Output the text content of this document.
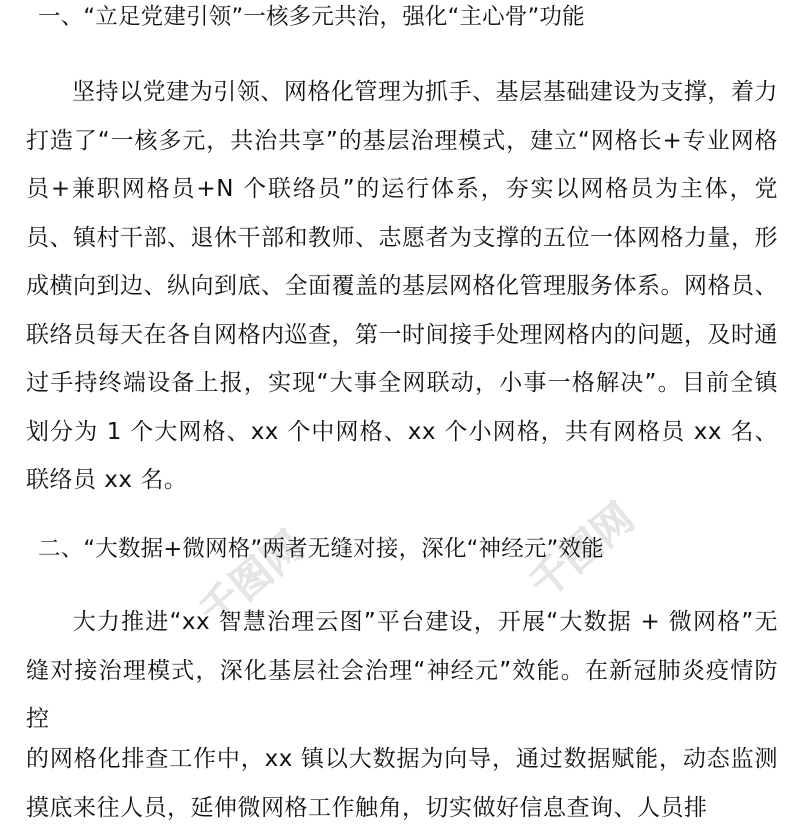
千图网	千图网
一、“立足党建引领”一核多元共治，强化“主心骨”功能

坚持以党建为引领、网格化管理为抓手、基层基础建设为支撑，着力打造了“一核多元，共治共享”的基层治理模式，建立“网格长+专业网格员+兼职网格员+N 个联络员”的运行体系，夯实以网格员为主体，党员、镇村干部、退休干部和教师、志愿者为支撑的五位一体网格力量，形成横向到边、纵向到底、全面覆盖的基层网格化管理服务体系。网格员、联络员每天在各自网格内巡查，第一时间接手处理网格内的问题，及时通过手持终端设备上报，实现“大事全网联动，小事一格解决”。目前全镇划分为 1 个大网格、xx 个中网格、xx 个小网格，共有网格员 xx 名、联络员 xx 名。

二、“大数据+微网格”两者无缝对接，深化“神经元”效能

大力推进“xx 智慧治理云图”平台建设，开展“大数据 + 微网格”无缝对接治理模式，深化基层社会治理“神经元”效能。在新冠肺炎疫情防控

的网格化排查工作中，xx 镇以大数据为向导，通过数据赋能，动态监测摸底来往人员，延伸微网格工作触角，切实做好信息查询、人员排
